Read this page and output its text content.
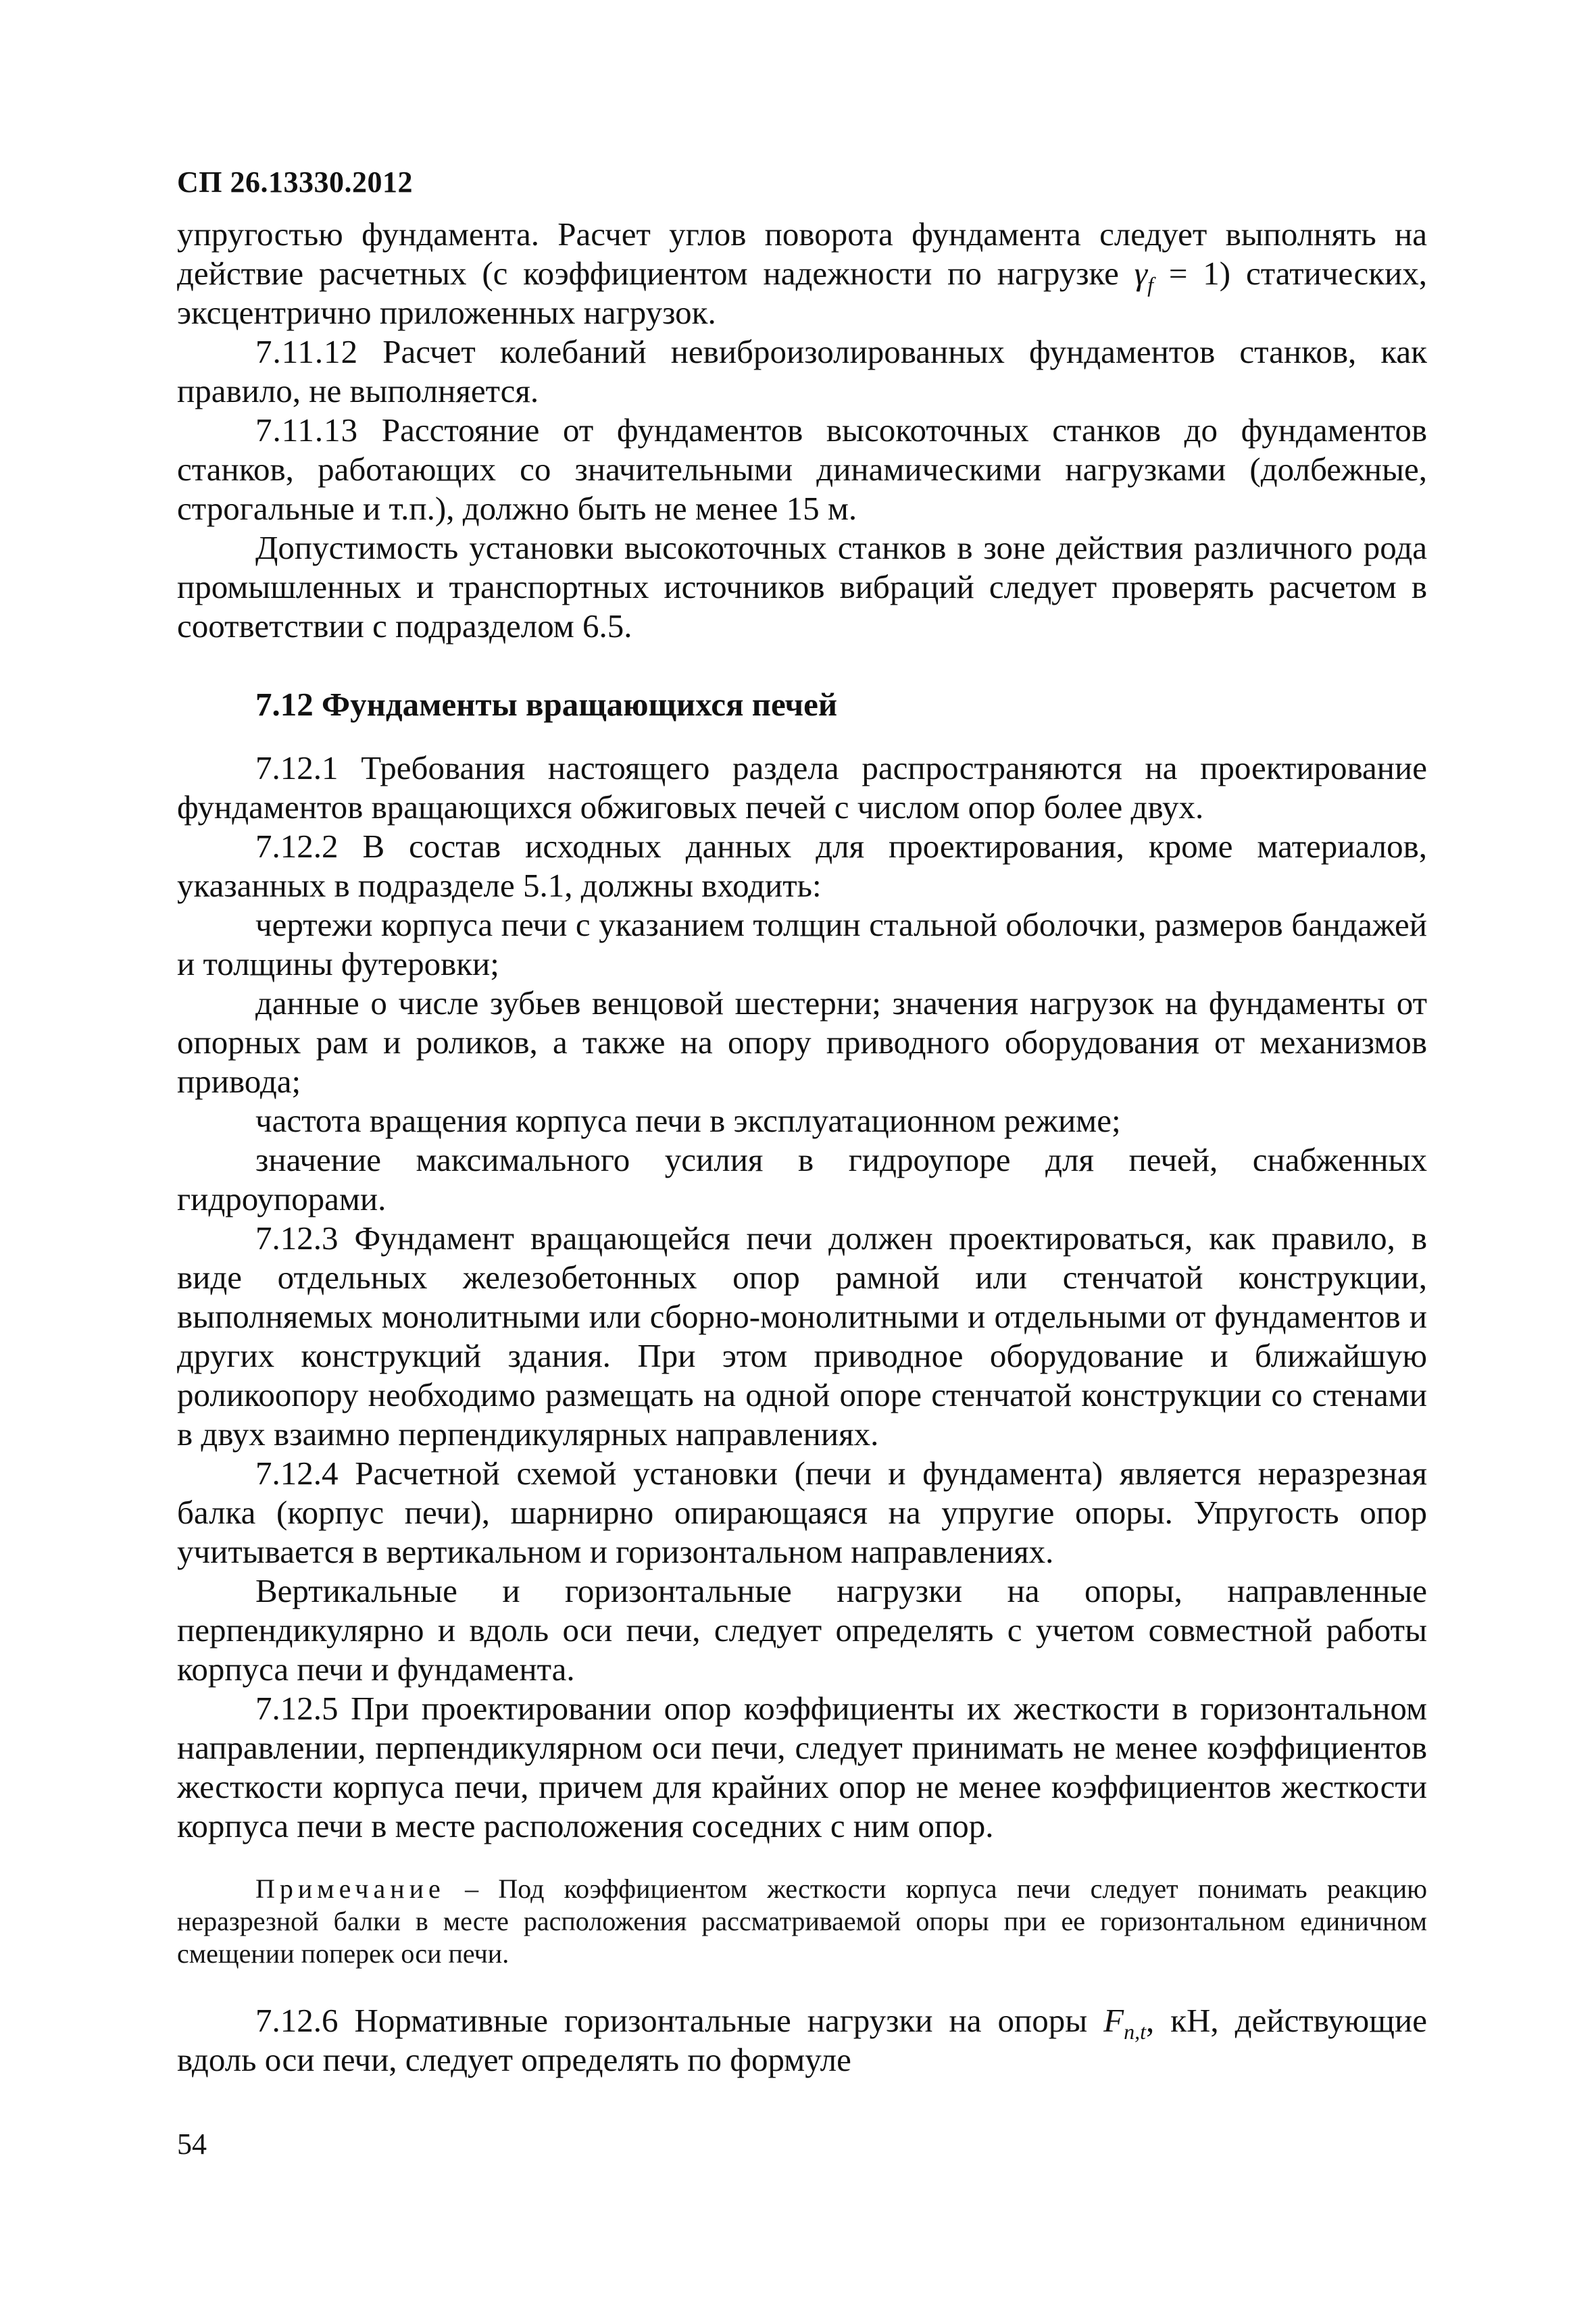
СП 26.13330.2012

упругостью фундамента. Расчет углов поворота фундамента следует выполнять на действие расчетных (с коэффициентом надежности по нагрузке $\gamma_f = 1$) статических, эксцентрично приложенных нагрузок.

7.11.12 Расчет колебаний невиброизолированных фундаментов станков, как правило, не выполняется.

7.11.13 Расстояние от фундаментов высокоточных станков до фундаментов станков, работающих со значительными динамическими нагрузками (долбежные, строгальные и т.п.), должно быть не менее 15 м.

Допустимость установки высокоточных станков в зоне действия различного рода промышленных и транспортных источников вибраций следует проверять расчетом в соответствии с подразделом 6.5.

7.12 Фундаменты вращающихся печей

7.12.1 Требования настоящего раздела распространяются на проектирование фундаментов вращающихся обжиговых печей с числом опор более двух.

7.12.2 В состав исходных данных для проектирования, кроме материалов, указанных в подразделе 5.1, должны входить:

чертежи корпуса печи с указанием толщин стальной оболочки, размеров бандажей и толщины футеровки;

данные о числе зубьев венцовой шестерни; значения нагрузок на фундаменты от опорных рам и роликов, а также на опору приводного оборудования от механизмов привода;

частота вращения корпуса печи в эксплуатационном режиме;

значение максимального усилия в гидроупоре для печей, снабженных гидроупорами.

7.12.3 Фундамент вращающейся печи должен проектироваться, как правило, в виде отдельных железобетонных опор рамной или стенчатой конструкции, выполняемых монолитными или сборно-монолитными и отдельными от фундаментов и других конструкций здания. При этом приводное оборудование и ближайшую роликоопору необходимо размещать на одной опоре стенчатой конструкции со стенами в двух взаимно перпендикулярных направлениях.

7.12.4 Расчетной схемой установки (печи и фундамента) является неразрезная балка (корпус печи), шарнирно опирающаяся на упругие опоры. Упругость опор учитывается в вертикальном и горизонтальном направлениях.

Вертикальные и горизонтальные нагрузки на опоры, направленные перпендикулярно и вдоль оси печи, следует определять с учетом совместной работы корпуса печи и фундамента.

7.12.5 При проектировании опор коэффициенты их жесткости в горизонтальном направлении, перпендикулярном оси печи, следует принимать не менее коэффициентов жесткости корпуса печи, причем для крайних опор не менее коэффициентов жесткости корпуса печи в месте расположения соседних с ним опор.

Примечание – Под коэффициентом жесткости корпуса печи следует понимать реакцию неразрезной балки в месте расположения рассматриваемой опоры при ее горизонтальном единичном смещении поперек оси печи.

7.12.6 Нормативные горизонтальные нагрузки на опоры $F_{n,t}$, кН, действующие вдоль оси печи, следует определять по формуле

54
